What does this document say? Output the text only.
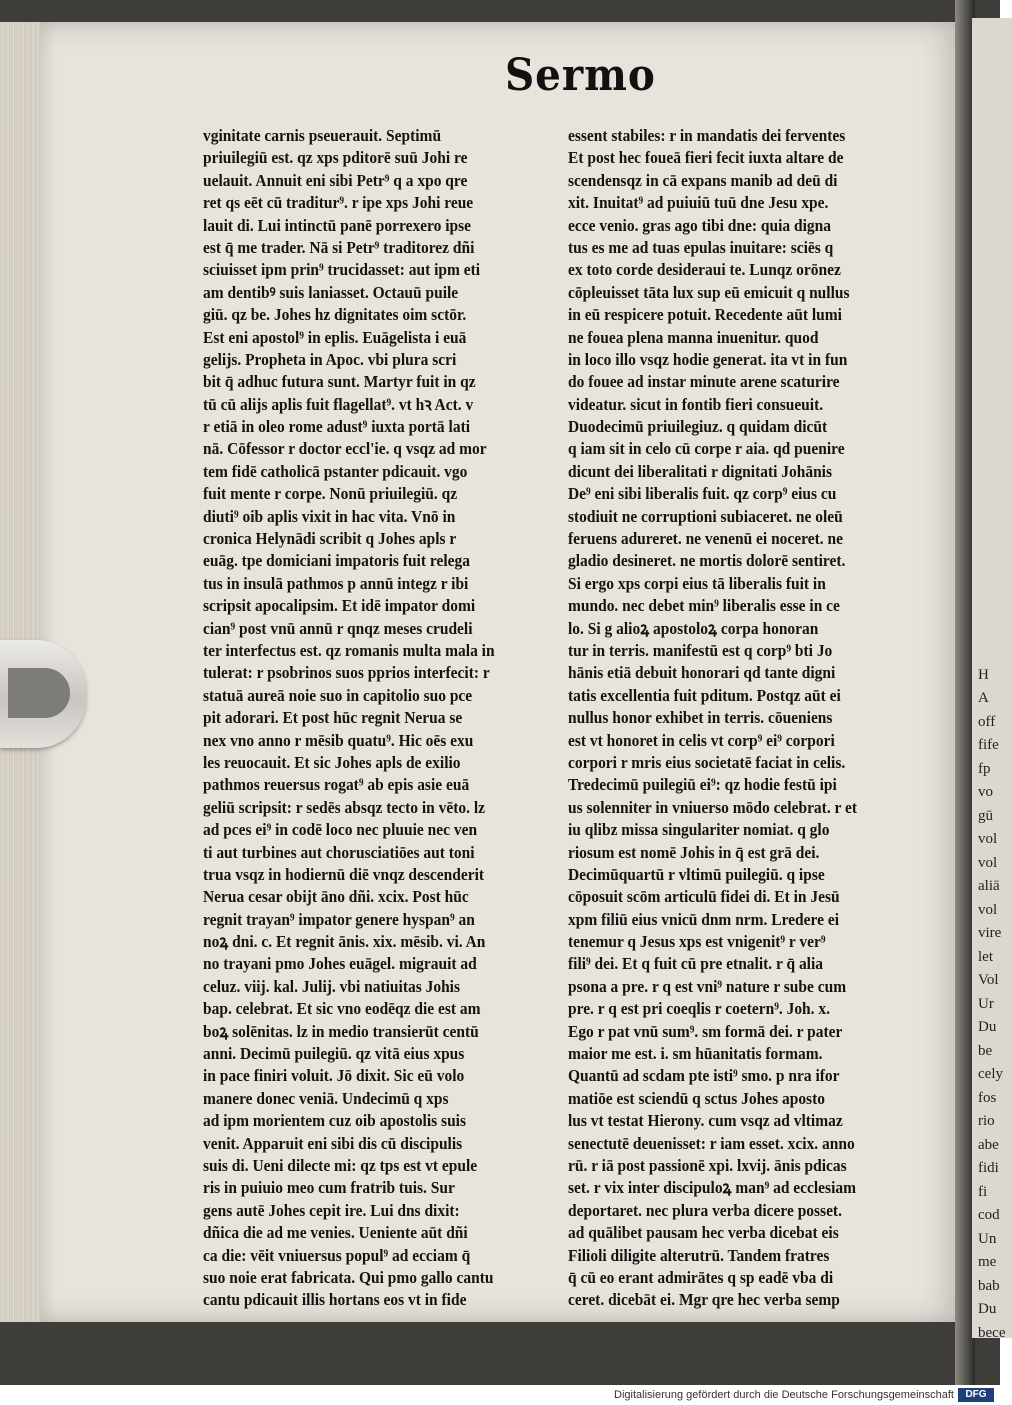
H
A
off
fife
fp
vo
gū
vol
vol
aliā
vol
vire
let
Vol
Ur
Du
be
cely
fos
rio
abe
fidi
fi
cod
Un
me
bab
Du
bece
Sermo
vginitate carnis pseuerauit. Septimū
priuilegiū est. qz xps pditorē suū Johi re
uelauit. Annuit eni sibi Petr⁹ q a xpo qre
ret qs eēt cū traditur⁹. r ipe xps Johi reue
lauit di. Lui intinctū panē porrexero ipse
est q̄ me trader. Nā si Petr⁹ traditorez dñi
sciuisset ipm prin⁹ trucidasset: aut ipm eti
am dentibꝰ suis laniasset. Octauū puile
giū. qz be. Johes hz dignitates oim sctōr.
Est eni apostol⁹ in eplis. Euāgelista i euā
gelijs. Propheta in Apoc. vbi plura scri
bit q̄ adhuc futura sunt. Martyr fuit in qz
tū cū alijs aplis fuit flagellat⁹. vt hꝛ Act. v
r etiā in oleo rome adust⁹ iuxta portā lati
nā. Cōfessor r doctor eccl'ie. q vsqz ad mor
tem fidē catholicā pstanter pdicauit. vgo
fuit mente r corpe. Nonū priuilegiū. qz
diuti⁹ oib aplis vixit in hac vita. Vnō in
cronica Helynādi scribit q Johes apls r
euāg. tpe domiciani impatoris fuit relega
tus in insulā pathmos p annū integz r ibi
scripsit apocalipsim. Et idē impator domi
cian⁹ post vnū annū r qnqz meses crudeli
ter interfectus est. qz romanis multa mala in
tulerat: r psobrinos suos pprios interfecit: r
statuā aureā noie suo in capitolio suo pce
pit adorari. Et post hūc regnit Nerua se
nex vno anno r mēsib quatu⁹. Hic oēs exu
les reuocauit. Et sic Johes apls de exilio
pathmos reuersus rogat⁹ ab epis asie euā
geliū scripsit: r sedēs absqz tecto in vēto. lz
ad pces ei⁹ in codē loco nec pluuie nec ven
ti aut turbines aut chorusciatiōes aut toni
trua vsqz in hodiernū diē vnqz descenderit
Nerua cesar obijt āno dñi. xcix. Post hūc
regnit trayan⁹ impator genere hyspan⁹ an
noꝝ dni. c. Et regnit ānis. xix. mēsib. vi. An
no trayani pmo Johes euāgel. migrauit ad
celuz. viij. kal. Julij. vbi natiuitas Johis
bap. celebrat. Et sic vno eodēqz die est am
boꝝ solēnitas. lz in medio transierūt centū
anni. Decimū puilegiū. qz vitā eius xpus
in pace finiri voluit. Jō dixit. Sic eū volo
manere donec veniā. Undecimū q xps
ad ipm morientem cuz oib apostolis suis
venit. Apparuit eni sibi dis cū discipulis
suis di. Ueni dilecte mi: qz tps est vt epule
ris in puiuio meo cum fratrib tuis. Sur
gens autē Johes cepit ire. Lui dns dixit:
dñica die ad me venies. Ueniente aūt dñi
ca die: vēit vniuersus popul⁹ ad ecciam q̄
suo noie erat fabricata. Qui pmo gallo cantu
cantu pdicauit illis hortans eos vt in fide
essent stabiles: r in mandatis dei ferventes
Et post hec foueā fieri fecit iuxta altare de
scendensqz in cā expans manib ad deū di
xit. Inuitat⁹ ad puiuiū tuū dne Jesu xpe.
ecce venio. gras ago tibi dne: quia digna
tus es me ad tuas epulas inuitare: sciēs q
ex toto corde desideraui te. Lunqz orōnez
cōpleuisset tāta lux sup eū emicuit q nullus
in eū respicere potuit. Recedente aūt lumi
ne fouea plena manna inuenitur. quod
in loco illo vsqz hodie generat. ita vt in fun
do fouee ad instar minute arene scaturire
videatur. sicut in fontib fieri consueuit.
Duodecimū priuilegiuz. q quidam dicūt
q iam sit in celo cū corpe r aia. qd puenire
dicunt dei liberalitati r dignitati Johānis
De⁹ eni sibi liberalis fuit. qz corp⁹ eius cu
stodiuit ne corruptioni subiaceret. ne oleū
feruens adureret. ne venenū ei noceret. ne
gladio desineret. ne mortis dolorē sentiret.
Si ergo xps corpi eius tā liberalis fuit in
mundo. nec debet min⁹ liberalis esse in ce
lo. Si g alioꝝ apostoloꝝ corpa honoran
tur in terris. manifestū est q corp⁹ bti Jo
hānis etiā debuit honorari qd tante digni
tatis excellentia fuit pditum. Postqz aūt ei
nullus honor exhibet in terris. cōueniens
est vt honoret in celis vt corp⁹ ei⁹ corpori
corpori r mris eius societatē faciat in celis.
Tredecimū puilegiū ei⁹: qz hodie festū ipi
us solenniter in vniuerso mōdo celebrat. r et
iu qlibz missa singulariter nomiat. q glo
riosum est nomē Johis in q̄ est grā dei.
Decimūquartū r vltimū puilegiū. q ipse
cōposuit scōm articulū fidei di. Et in Jesū
xpm filiū eius vnicū dnm nrm. Lredere ei
tenemur q Jesus xps est vnigenit⁹ r ver⁹
fili⁹ dei. Et q fuit cū pre etnalit. r q̄ alia
psona a pre. r q est vni⁹ nature r sube cum
pre. r q est pri coeqlis r coetern⁹. Joh. x.
Ego r pat vnū sum⁹. sm formā dei. r pater
maior me est. i. sm hūanitatis formam.
Quantū ad scdam pte isti⁹ smo. p nra ifor
matiōe est sciendū q sctus Johes aposto
lus vt testat Hierony. cum vsqz ad vltimaz
senectutē deuenisset: r iam esset. xcix. anno
rū. r iā post passionē xpi. lxvij. ānis pdicas
set. r vix inter discipuloꝝ man⁹ ad ecclesiam
deportaret. nec plura verba dicere posset.
ad quālibet pausam hec verba dicebat eis
Filioli diligite alterutrū. Tandem fratres
q̄ cū eo erant admirātes q sp eadē vba di
ceret. dicebāt ei. Mgr qre hec verba semp
Digitalisierung gefördert durch die Deutsche Forschungsgemeinschaft	DFG
